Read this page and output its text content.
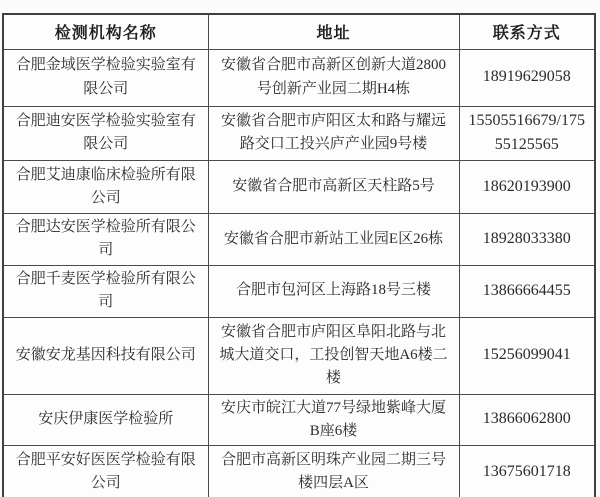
检测机构名称	地址	联系方式
合肥金域医学检验实验室有限公司	安徽省合肥市高新区创新大道2800号创新产业园二期H4栋	18919629058
合肥迪安医学检验实验室有限公司	安徽省合肥市庐阳区太和路与耀远路交口工投兴庐产业园9号楼	15505516679/17555125565
合肥艾迪康临床检验所有限公司	安徽省合肥市高新区天柱路5号	18620193900
合肥达安医学检验所有限公司	安徽省合肥市新站工业园E区26栋	18928033380
合肥千麦医学检验所有限公司	合肥市包河区上海路18号三楼	13866664455
安徽安龙基因科技有限公司	安徽省合肥市庐阳区阜阳北路与北城大道交口，工投创智天地A6楼二楼	15256099041
安庆伊康医学检验所	安庆市皖江大道77号绿地紫峰大厦B座6楼	13866062800
合肥平安好医医学检验有限公司	合肥市高新区明珠产业园二期三号楼四层A区	13675601718
